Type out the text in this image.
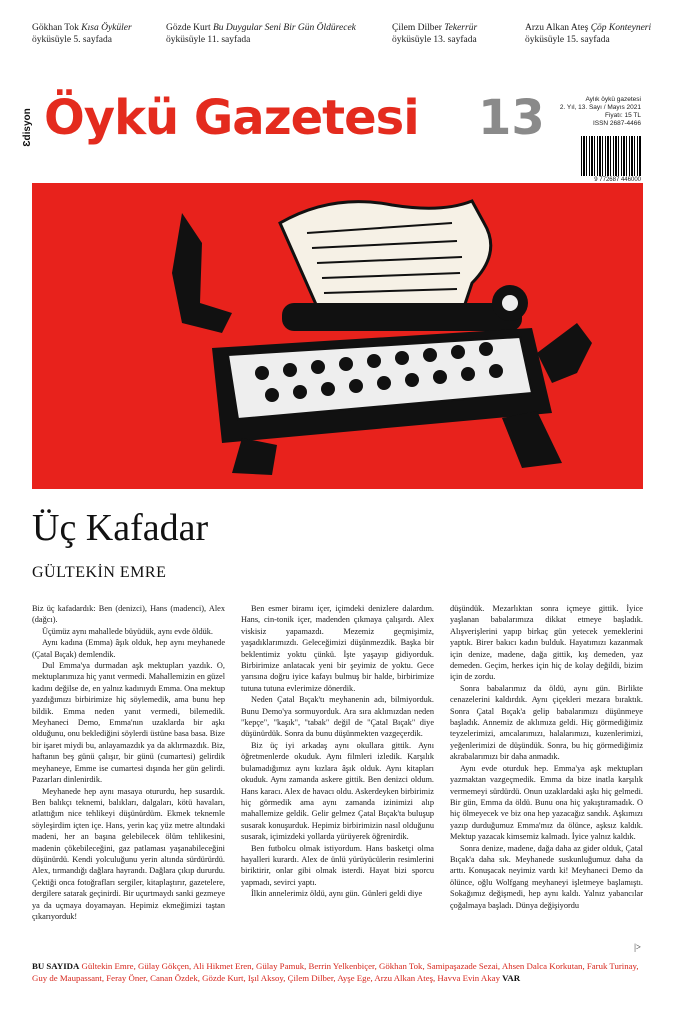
Gökhan Tok Kısa Öyküler
öyküsüyle 5. sayfada
Gözde Kurt Bu Duygular Seni Bir Gün Öldürecek
öyküsüyle 11. sayfada
Çilem Dilber Tekerrür
öyküsüyle 13. sayfada
Arzu Alkan Ateş Çöp Konteyneri
öyküsüyle 15. sayfada
Ɛdisyon Öykü Gazetesi 13	Aylık öykü gazetesi
2. Yıl, 13. Sayı / Mayıs 2021
Fiyatı: 15 TL
ISSN 2687-4466
9 772687 446000
Üç Kafadar
GÜLTEKİN EMRE

Biz üç kafadardık: Ben (denizci), Hans (madenci), Alex (dağcı).

Üçümüz aynı mahallede büyüdük, aynı evde öldük.

Aynı kadına (Emma) âşık olduk, hep aynı meyhanede (Çatal Bıçak) demlendik.

Dul Emma'ya durmadan aşk mektupları yazdık. O, mektuplarımıza hiç yanıt vermedi. Mahallemizin en güzel kadını değilse de, en yalnız kadınıydı Emma. Ona mektup yazdığımızı birbirimize hiç söylemedik, ama bunu hep bildik. Emma neden yanıt vermedi, bilemedik. Meyhaneci Demo, Emma'nın uzaklarda bir aşkı olduğunu, onu beklediğini söylerdi üstüne basa basa. Bize bir işaret miydi bu, anlayamazdık ya da aklırmazdık. Biz, haftanın beş günü çalışır, bir günü (cumartesi) gelirdik meyhaneye, Emme ise cumartesi dışında her gün gelirdi. Pazarları dinlenirdik.

Meyhanede hep aynı masaya otururdu, hep susardık. Ben balıkçı teknemi, balıkları, dalgaları, kötü havaları, atlattığım nice tehlikeyi düşünürdüm. Ekmek teknemle söyleşirdim içten içe. Hans, yerin kaç yüz metre altındaki madeni, her an başına gelebilecek ölüm tehlikesini, madenin çökebileceğini, gaz patlaması yaşanabileceğini düşünürdü. Kendi yolculuğunu yerin altında sürdürürdü. Alex, tırmandığı dağlara hayrandı. Dağlara çıkıp dururdu. Çektiği onca fotoğrafları sergiler, kitaplaştırır, gazetelere, dergilere satarak geçinirdi. Bir uçurtmaydı sanki gezmeye ya da uçmaya doyamayan. Hepimiz ekmeğimizi taştan çıkarıyorduk!

Ben esmer biramı içer, içimdeki denizlere dalardım. Hans, cin-tonik içer, madenden çıkmaya çalışırdı. Alex viskisiz yapamazdı. Mezemiz geçmişimiz, yaşadıklarımızdı. Geleceğimizi düşünmezdik. Başka bir beklentimiz yoktu çünkü. İşte yaşayıp gidiyorduk. Birbirimize anlatacak yeni bir şeyimiz de yoktu. Gece yarısına doğru iyice kafayı bulmuş bir halde, birbirimize tutuna tutuna evlerimize dönerdik.

Neden Çatal Bıçak'tı meyhanenin adı, bilmiyorduk. Bunu Demo'ya sormuyorduk. Ara sıra aklımızdan neden "kepçe", "kaşık", "tabak" değil de "Çatal Bıçak" diye düşünürdük. Sonra da bunu düşünmekten vazgeçerdik.

Biz üç iyi arkadaş aynı okullara gittik. Aynı öğretmenlerde okuduk. Aynı filmleri izledik. Karşılık bulamadığımız aynı kızlara âşık olduk. Aynı kitapları okuduk. Aynı zamanda askere gittik. Ben denizci oldum. Hans karacı. Alex de havacı oldu. Askerdeyken birbirimiz hiç görmedik ama aynı zamanda izinimizi alıp mahallemize geldik. Gelir gelmez Çatal Bıçak'ta buluşup susarak konuşurduk. Hepimiz birbirimizin nasıl olduğunu susarak, içimizdeki yollarda yürüyerek öğrenirdik.

Ben futbolcu olmak istiyordum. Hans basketçi olma hayalleri kurardı. Alex de ünlü yürüyücülerin resimlerini biriktirir, onlar gibi olmak isterdi. Hayat bizi sporcu yapmadı, sevirci yaptı.

İlkin annelerimiz öldü, aynı gün. Günleri geldi diye

düşündük. Mezarlıktan sonra içmeye gittik. İyice yaşlanan babalarımıza dikkat etmeye başladık. Alışverişlerini yapıp birkaç gün yetecek yemeklerini yaptık. Birer bakıcı kadın bulduk. Hayatımızı kazanmak için denize, madene, dağa gittik, kış demeden, yaz demeden. Geçim, herkes için hiç de kolay değildi, bizim için de zordu.

Sonra babalarımız da öldü, aynı gün. Birlikte cenazelerini kaldırdık. Aynı çiçekleri mezara bıraktık. Sonra Çatal Bıçak'a gelip babalarımızı düşünmeye başladık. Annemiz de aklımıza geldi. Hiç görmediğimiz teyzelerimizi, amcalarımızı, halalarımızı, kuzenlerimizi, yeğenlerimizi de düşündük. Sonra, bu hiç görmediğimiz akrabalarımızı bir daha anmadık.

Aynı evde oturduk hep. Emma'ya aşk mektupları yazmaktan vazgeçmedik. Emma da bize inatla karşılık vermemeyi sürdürdü. Onun uzaklardaki aşkı hiç gelmedi. Bir gün, Emma da öldü. Bunu ona hiç yakıştıramadık. O hiç ölmeyecek ve biz ona hep yazacağız sandık. Aşkımızı yazıp durduğumuz Emma'mız da ölünce, aşksız kaldık. Mektup yazacak kimsemiz kalmadı. İyice yalnız kaldık.

Sonra denize, madene, dağa daha az gider olduk, Çatal Bıçak'a daha sık. Meyhanede suskunluğumuz daha da arttı. Konuşacak neyimiz vardı ki! Meyhaneci Demo da ölünce, oğlu Wolfgang meyhaneyi işletmeye başlamıştı. Sokağımız değişmedi, hep aynı kaldı. Yalnız yabancılar çoğalmaya başladı. Dünya değişiyordu

|>
BU SAYIDA Gültekin Emre, Gülay Gökçen, Ali Hikmet Eren, Gülay Pamuk, Berrin Yelkenbiçer, Gökhan Tok, Samipaşazade Sezai, Ahsen Dalca Korkutan, Faruk Turinay, Guy de Maupassant, Feray Öner, Canan Özdek, Gözde Kurt, Işıl Aksoy, Çilem Dilber, Ayşe Ege, Arzu Alkan Ateş, Havva Evin Akay VAR
